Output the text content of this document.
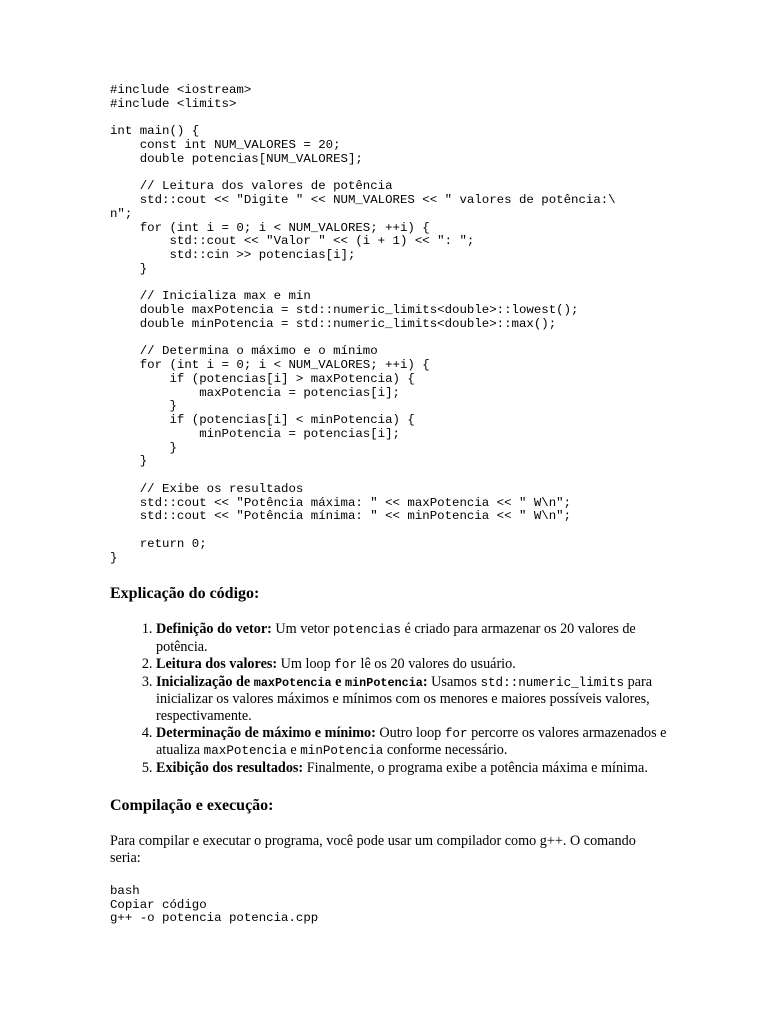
#include <iostream>
#include <limits>

int main() {
const int NUM_VALORES = 20;
double potencias[NUM_VALORES];

// Leitura dos valores de potência
std::cout << "Digite " << NUM_VALORES << " valores de potência:\
n";
for (int i = 0; i < NUM_VALORES; ++i) {
std::cout << "Valor " << (i + 1) << ": ";
std::cin >> potencias[i];
}

// Inicializa max e min
double maxPotencia = std::numeric_limits<double>::lowest();
double minPotencia = std::numeric_limits<double>::max();

// Determina o máximo e o mínimo
for (int i = 0; i < NUM_VALORES; ++i) {
if (potencias[i] > maxPotencia) {
maxPotencia = potencias[i];
}
if (potencias[i] < minPotencia) {
minPotencia = potencias[i];
}
}

// Exibe os resultados
std::cout << "Potência máxima: " << maxPotencia << " W\n";
std::cout << "Potência mínima: " << minPotencia << " W\n";

return 0;
}
Explicação do código:
1. Definição do vetor: Um vetor potencias é criado para armazenar os 20 valores de potência.
2. Leitura dos valores: Um loop for lê os 20 valores do usuário.
3. Inicialização de maxPotencia e minPotencia: Usamos std::numeric_limits para inicializar os valores máximos e mínimos com os menores e maiores possíveis valores, respectivamente.
4. Determinação de máximo e mínimo: Outro loop for percorre os valores armazenados e atualiza maxPotencia e minPotencia conforme necessário.
5. Exibição dos resultados: Finalmente, o programa exibe a potência máxima e mínima.
Compilação e execução:

Para compilar e executar o programa, você pode usar um compilador como g++. O comando seria:

bash
Copiar código
g++ -o potencia potencia.cpp
